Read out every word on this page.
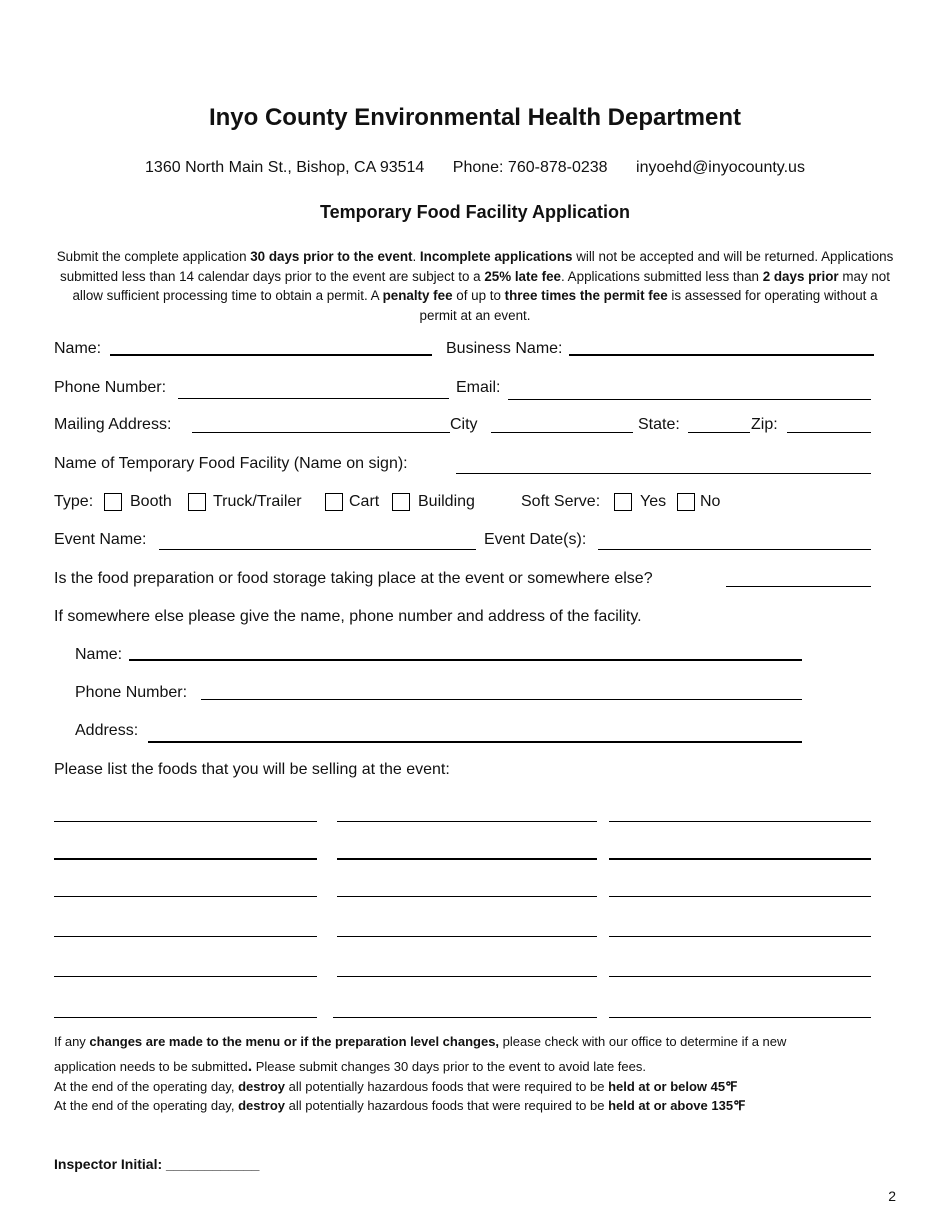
Inyo County Environmental Health Department
1360 North Main St., Bishop, CA 93514 Phone: 760-878-0238 inyoehd@inyocounty.us
Temporary Food Facility Application
Submit the complete application 30 days prior to the event. Incomplete applications will not be accepted and will be returned. Applications submitted less than 14 calendar days prior to the event are subject to a 25% late fee. Applications submitted less than 2 days prior may not allow sufficient processing time to obtain a permit. A penalty fee of up to three times the permit fee is assessed for operating without a permit at an event.
Name:	Business Name:
Phone Number:	Email:
Mailing Address:	City	State:	Zip:
Name of Temporary Food Facility (Name on sign):
Type: Booth	Truck/Trailer	Cart Building	Soft Serve: Yes No
Event Name:	Event Date(s):
Is the food preparation or food storage taking place at the event or somewhere else?
If somewhere else please give the name, phone number and address of the facility.
Name:
Phone Number:
Address:
Please list the foods that you will be selling at the event:
If any changes are made to the menu or if the preparation level changes, please check with our office to determine if a new
application needs to be submitted. Please submit changes 30 days prior to the event to avoid late fees.
At the end of the operating day, destroy all potentially hazardous foods that were required to be held at or below 45℉
At the end of the operating day, destroy all potentially hazardous foods that were required to be held at or above 135℉
Inspector Initial: ____________
2
